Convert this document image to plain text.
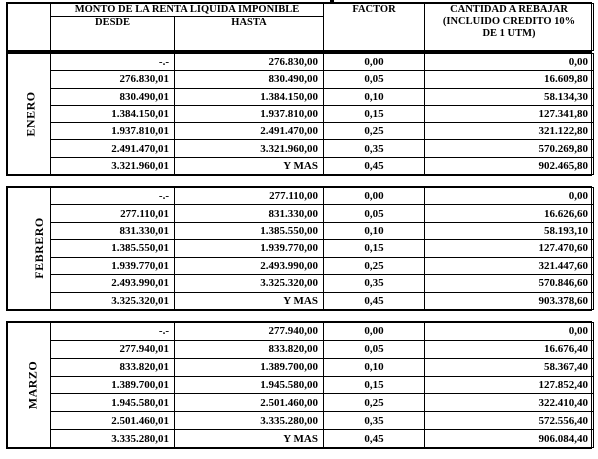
	MONTO DE LA RENTA LIQUIDA IMPONIBLE		FACTOR	CANTIDAD A REBAJAR
(INCLUIDO CREDITO 10%
DE 1 UTM)

	DESDE	HASTA		
ENERO	-.-	276.830,00	0,00	0,00
	276.830,01	830.490,00	0,05	16.609,80
	830.490,01	1.384.150,00	0,10	58.134,30
	1.384.150,01	1.937.810,00	0,15	127.341,80
	1.937.810,01	2.491.470,00	0,25	321.122,80
	2.491.470,01	3.321.960,00	0,35	570.269,80
	3.321.960,01	Y MAS	0,45	902.465,80
FEBRERO	-.-	277.110,00	0,00	0,00
	277.110,01	831.330,00	0,05	16.626,60
	831.330,01	1.385.550,00	0,10	58.193,10
	1.385.550,01	1.939.770,00	0,15	127.470,60
	1.939.770,01	2.493.990,00	0,25	321.447,60
	2.493.990,01	3.325.320,00	0,35	570.846,60
	3.325.320,01	Y MAS	0,45	903.378,60
MARZO	-.-	277.940,00	0,00	0,00
	277.940,01	833.820,00	0,05	16.676,40
	833.820,01	1.389.700,00	0,10	58.367,40
	1.389.700,01	1.945.580,00	0,15	127.852,40
	1.945.580,01	2.501.460,00	0,25	322.410,40
	2.501.460,01	3.335.280,00	0,35	572.556,40
	3.335.280,01	Y MAS	0,45	906.084,40
